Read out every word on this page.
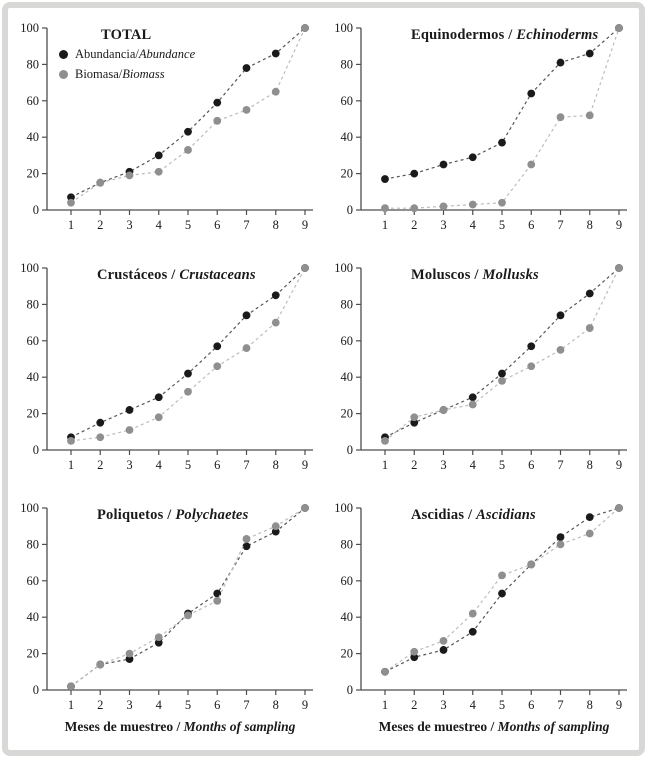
0
20
40
60
80
100
1 2 3 4 5 6 7 8 9
TOTAL
Abundancia / Abundance
Biomasa / Biomass
0
20
40
60
80
100
1 2 3 4 5 6 7 8 9
Equinodermos / Echinoderms
0
20
40
60
80
100
1 2 3 4 5 6 7 8 9
Crustáceos / Crustaceans
0
20
40
60
80
100
1 2 3 4 5 6 7 8 9
Moluscos / Mollusks
0
20
40
60
80
100
1 2 3 4 5 6 7 8 9
Poliquetos / Polychaetes
Meses de muestreo / Months of sampling
0
20
40
60
80
100
1 2 3 4 5 6 7 8 9
Ascidias / Ascidians
Meses de muestreo / Months of sampling
